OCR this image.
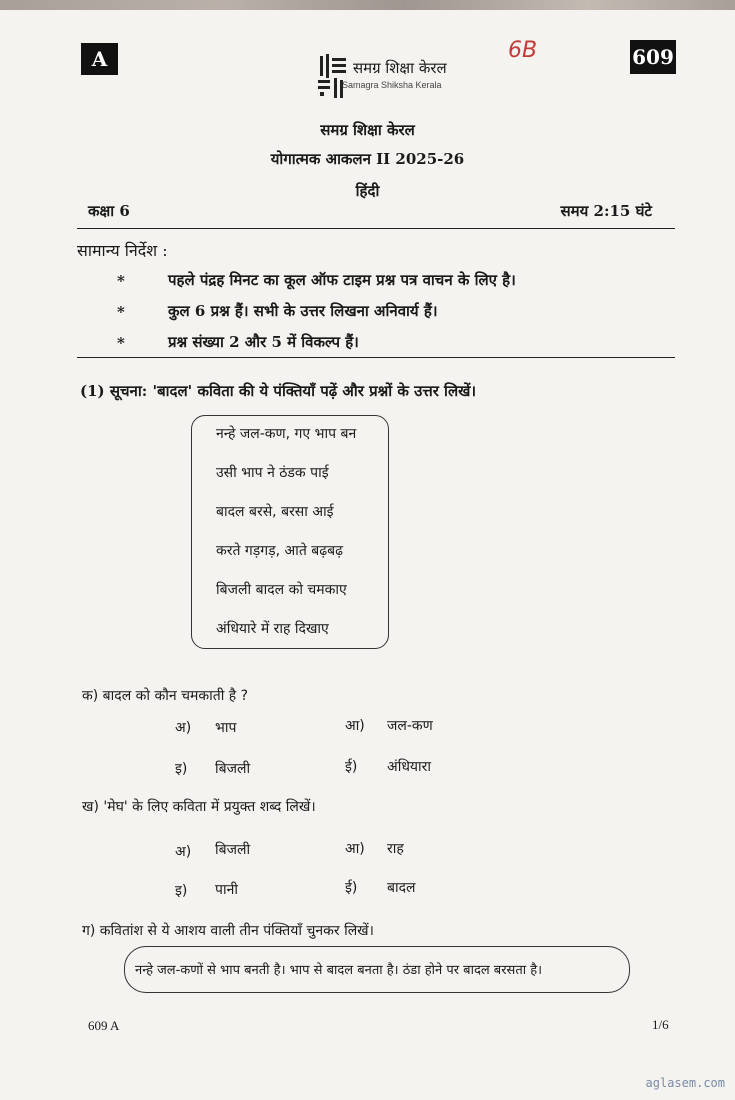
A	609
6B
समग्र शिक्षा केरल
Samagra Shiksha Kerala
समग्र शिक्षा केरल
योगात्मक आकलन II 2025-26
हिंदी
कक्षा 6	समय 2:15 घंटे
सामान्य निर्देश :
*	पहले पंद्रह मिनट का कूल ऑफ टाइम प्रश्न पत्र वाचन के लिए है।
*	कुल 6 प्रश्न हैं। सभी के उत्तर लिखना अनिवार्य हैं।
*	प्रश्न संख्या 2 और 5 में विकल्प हैं।
(1) सूचना: 'बादल' कविता की ये पंक्तियाँ पढ़ें और प्रश्नों के उत्तर लिखें।
नन्हे जल-कण, गए भाप बन
उसी भाप ने ठंडक पाई
बादल बरसे, बरसा आई
करते गड़गड़, आते बढ़बढ़
बिजली बादल को चमकाए
अंधियारे में राह दिखाए
क) बादल को कौन चमकाती है ?
अ) भाप	आ) जल-कण
इ) बिजली	ई) अंधियारा
ख) 'मेघ' के लिए कविता में प्रयुक्त शब्द लिखें।
अ) बिजली	आ) राह
इ) पानी	ई) बादल
ग) कवितांश से ये आशय वाली तीन पंक्तियाँ चुनकर लिखें।
नन्हे जल-कणों से भाप बनती है। भाप से बादल बनता है। ठंडा होने पर बादल बरसता है।
609 A	1/6
aglasem.com
